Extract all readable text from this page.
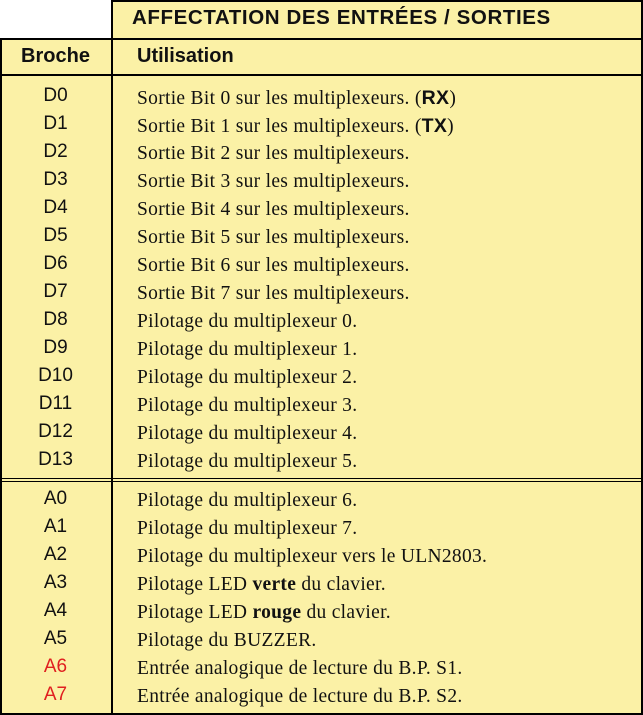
AFFECTATION DES ENTRÉES / SORTIES
Broche	Utilisation
D0	Sortie Bit 0 sur les multiplexeurs. (RX)
D1	Sortie Bit 1 sur les multiplexeurs. (TX)
D2	Sortie Bit 2 sur les multiplexeurs.
D3	Sortie Bit 3 sur les multiplexeurs.
D4	Sortie Bit 4 sur les multiplexeurs.
D5	Sortie Bit 5 sur les multiplexeurs.
D6	Sortie Bit 6 sur les multiplexeurs.
D7	Sortie Bit 7 sur les multiplexeurs.
D8	Pilotage du multiplexeur 0.
D9	Pilotage du multiplexeur 1.
D10	Pilotage du multiplexeur 2.
D11	Pilotage du multiplexeur 3.
D12	Pilotage du multiplexeur 4.
D13	Pilotage du multiplexeur 5.
A0	Pilotage du multiplexeur 6.
A1	Pilotage du multiplexeur 7.
A2	Pilotage du multiplexeur vers le ULN2803.
A3	Pilotage LED verte du clavier.
A4	Pilotage LED rouge du clavier.
A5	Pilotage du BUZZER.
A6	Entrée analogique de lecture du B.P. S1.
A7	Entrée analogique de lecture du B.P. S2.
